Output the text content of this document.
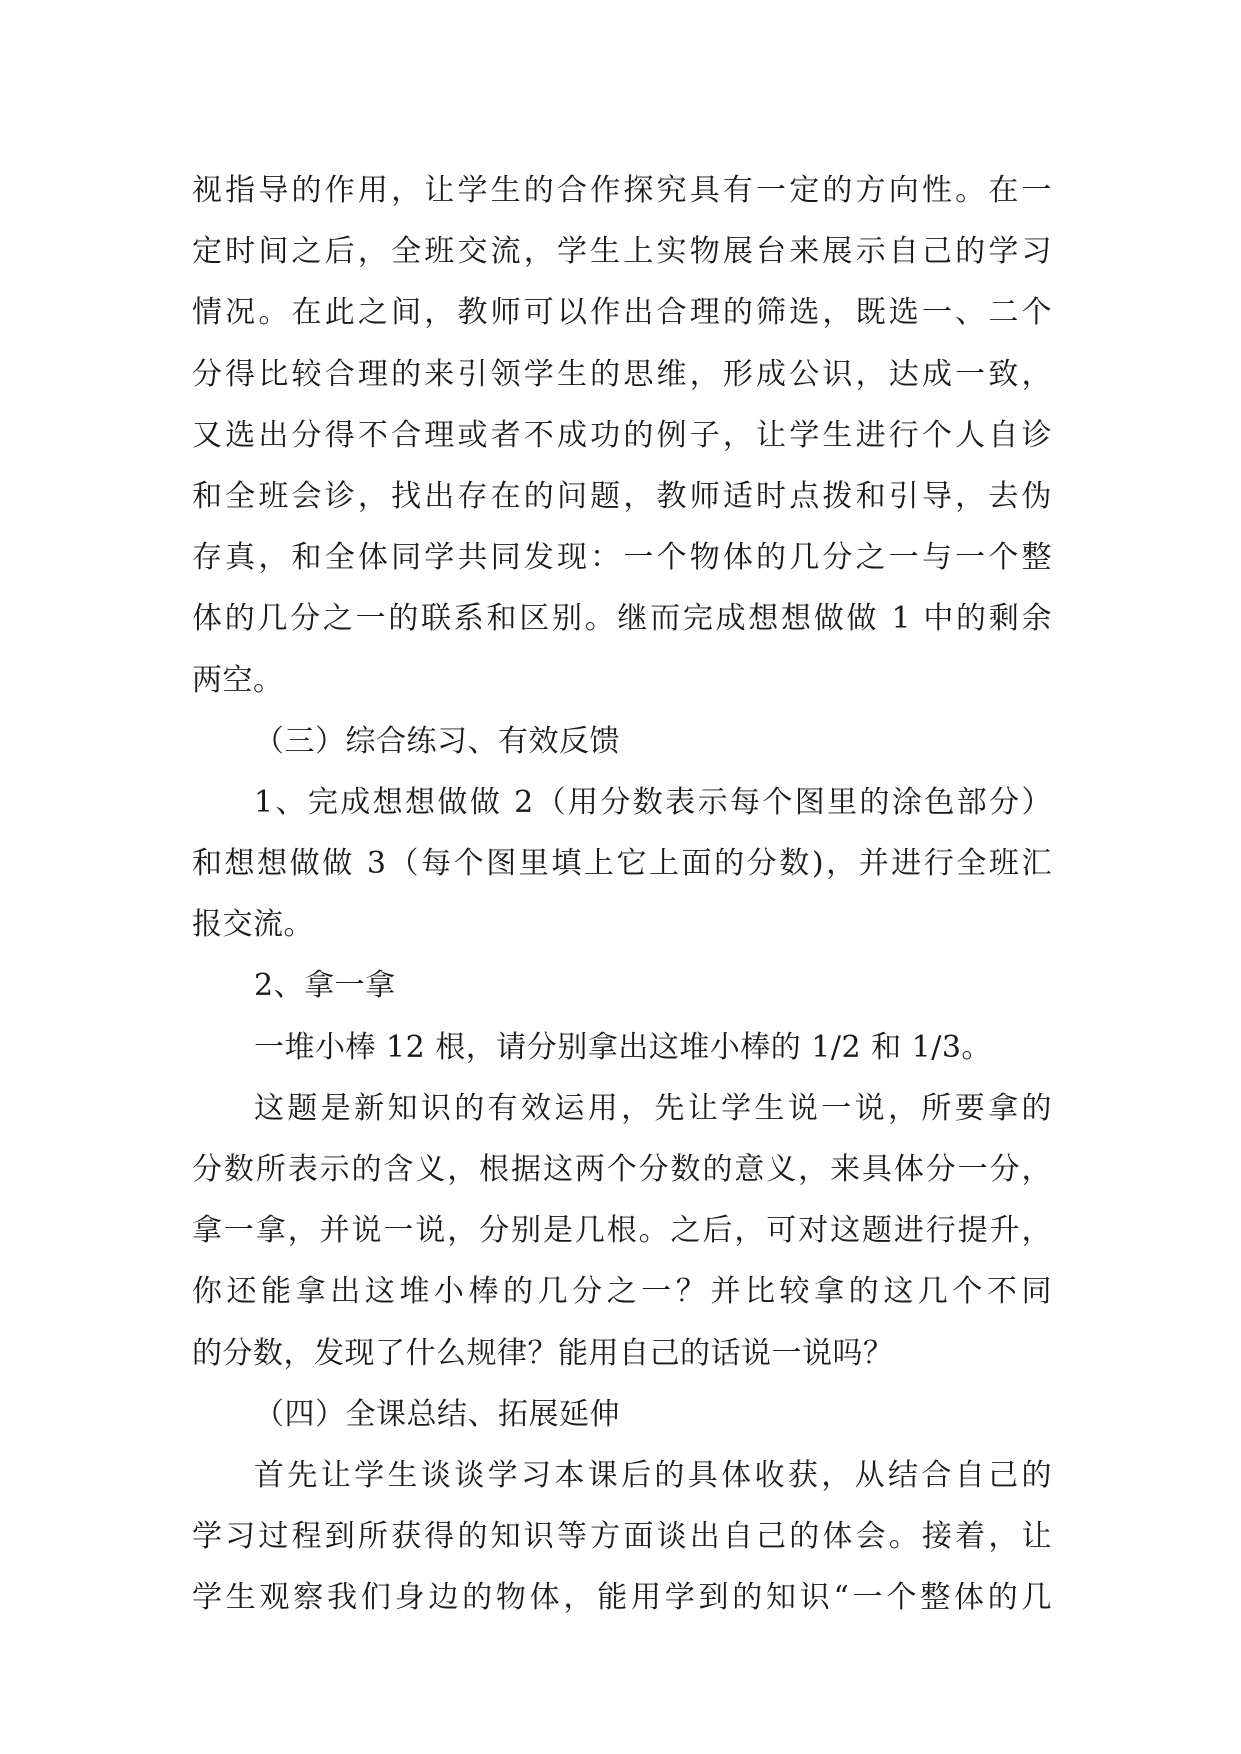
视指导的作用，让学生的合作探究具有一定的方向性。在一
定时间之后，全班交流，学生上实物展台来展示自己的学习
情况。在此之间，教师可以作出合理的筛选，既选一、二个
分得比较合理的来引领学生的思维，形成公识，达成一致，
又选出分得不合理或者不成功的例子，让学生进行个人自诊
和全班会诊，找出存在的问题，教师适时点拨和引导，去伪
存真，和全体同学共同发现：一个物体的几分之一与一个整
体的几分之一的联系和区别。继而完成想想做做 1 中的剩余
两空。
（三）综合练习、有效反馈
1、完成想想做做 2（用分数表示每个图里的涂色部分）
和想想做做 3（每个图里填上它上面的分数)，并进行全班汇
报交流。
2、拿一拿
一堆小棒 12 根，请分别拿出这堆小棒的 1/2 和 1/3。
这题是新知识的有效运用，先让学生说一说，所要拿的
分数所表示的含义，根据这两个分数的意义，来具体分一分，
拿一拿，并说一说，分别是几根。之后，可对这题进行提升，
你还能拿出这堆小棒的几分之一？并比较拿的这几个不同
的分数，发现了什么规律？能用自己的话说一说吗？
（四）全课总结、拓展延伸
首先让学生谈谈学习本课后的具体收获，从结合自己的
学习过程到所获得的知识等方面谈出自己的体会。接着，让
学生观察我们身边的物体，能用学到的知识“一个整体的几
